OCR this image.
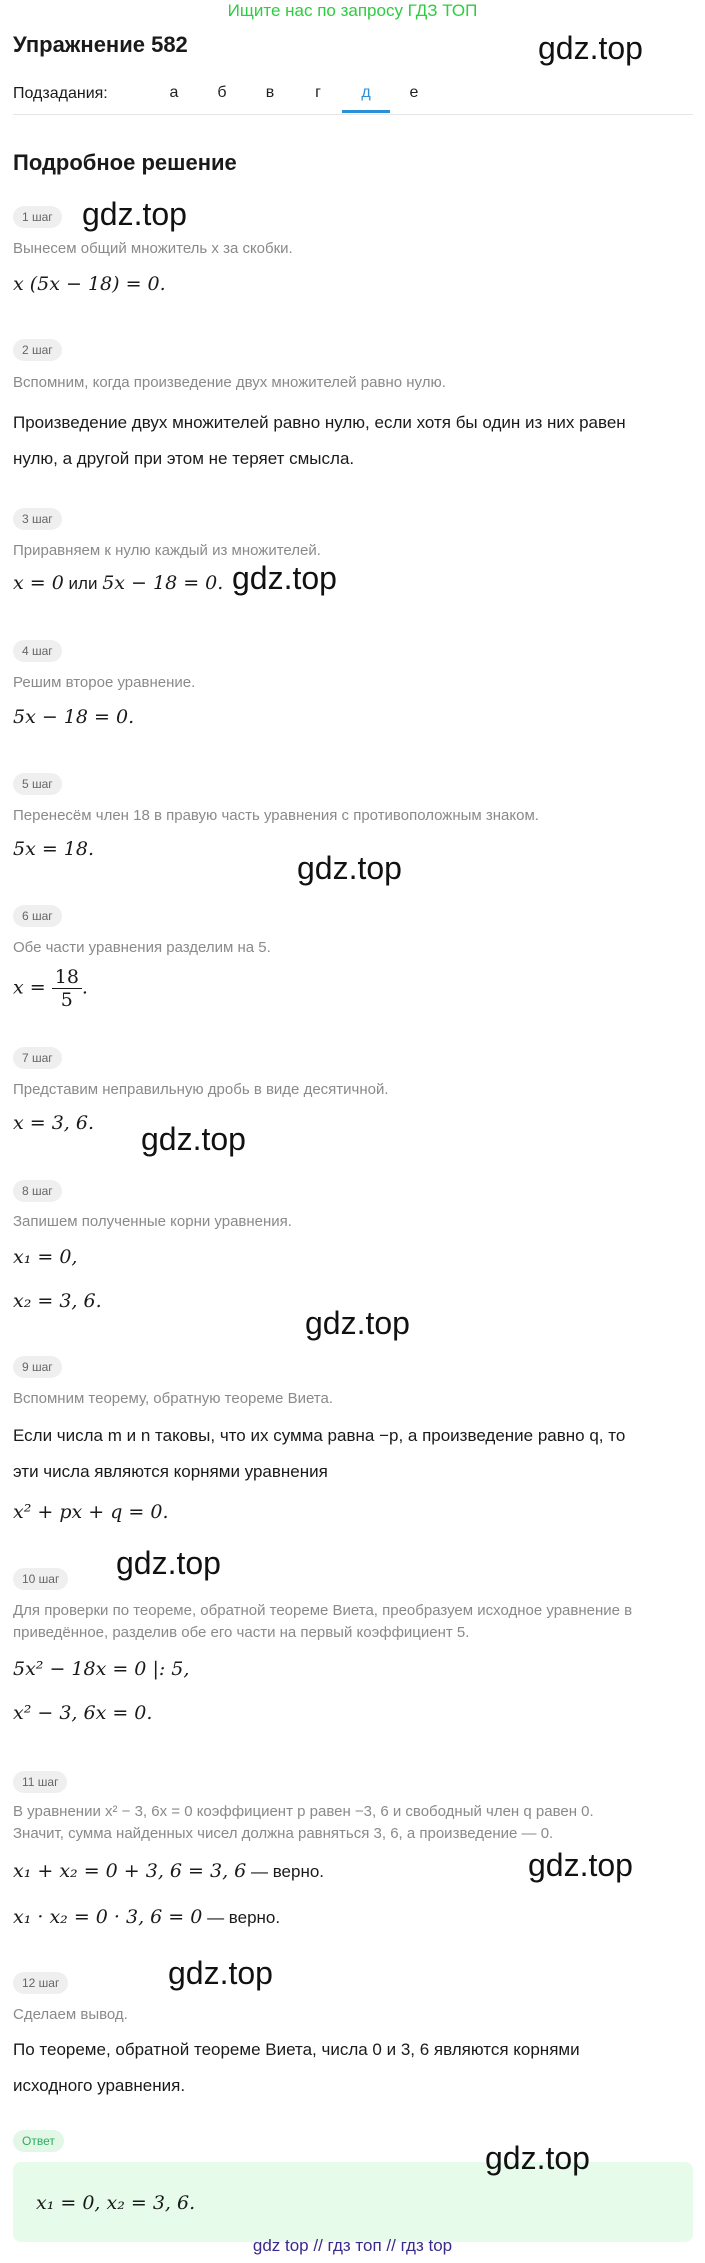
Ищите нас по запросу ГДЗ ТОП
Упражнение 582	gdz.top
Подзадания:	а	б	в	г	д	е
Подробное решение
1 шаг gdz.top
Вынесем общий множитель x за скобки.
x (5x − 18) = 0.
2 шаг
Вспомним, когда произведение двух множителей равно нулю.
Произведение двух множителей равно нулю, если хотя бы один из них равен
нулю, а другой при этом не теряет смысла.
3 шаг
Приравняем к нулю каждый из множителей.
x = 0 или 5x − 18 = 0. gdz.top
4 шаг
Решим второе уравнение.
5x − 18 = 0.
5 шаг
Перенесём член 18 в правую часть уравнения с противоположным знаком.
5x = 18.
gdz.top
6 шаг
Обе части уравнения разделим на 5.
$x = \frac{18}{5}$ .
7 шаг
Представим неправильную дробь в виде десятичной.
x = 3, 6. gdz.top
8 шаг
Запишем полученные корни уравнения.
x₁ = 0,
x₂ = 3, 6.
gdz.top
9 шаг
Вспомним теорему, обратную теореме Виета.
Если числа m и n таковы, что их сумма равна −p, а произведение равно q, то
эти числа являются корнями уравнения
x² + px + q = 0.
10 шаг gdz.top
Для проверки по теореме, обратной теореме Виета, преобразуем исходное уравнение в
приведённое, разделив обе его части на первый коэффициент 5.
5x² − 18x = 0 |: 5,
x² − 3, 6x = 0.
11 шаг
В уравнении x² − 3, 6x = 0 коэффициент p равен −3, 6 и свободный член q равен 0.
Значит, сумма найденных чисел должна равняться 3, 6, а произведение — 0.
gdz.top
x₁ + x₂ = 0 + 3, 6 = 3, 6 — верно.
x₁ · x₂ = 0 · 3, 6 = 0 — верно.
12 шаг	gdz.top
Сделаем вывод.
По теореме, обратной теореме Виета, числа 0 и 3, 6 являются корнями
исходного уравнения.
Ответ
x₁ = 0, x₂ = 3, 6.
gdz.top
gdz top // гдз топ // гдз top
